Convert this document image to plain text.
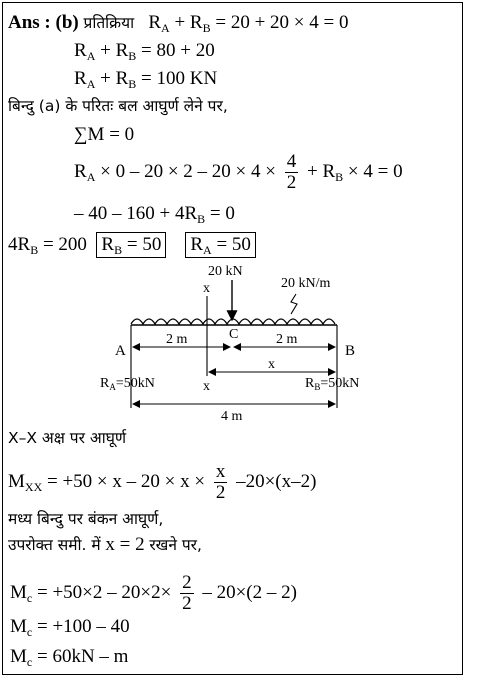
Ans : (b) प्रतिक्रिया   $R_A + R_B = 20 + 20 \times 4 = 0$
$R_A + R_B = 80 + 20$
$R_A + R_B = 100$ KN
बिन्दु (a) के परितः बल आघुर्ण लेने पर,
∑M = 0
$R_A \times 0 - 20 \times 2 - 20 \times 4 \times \frac{4}{2} + R_B \times 4 = 0$
– $40 - 160 + 4R_B = 0$
$4R_B = 200$ $R_B = 50$ $R_A = 50$
20 kN
20 kN/m
x
x
A	B
C
2 m	2 m
x
$R_A=50kN$	$R_B=50kN$
4 m
X–X अक्ष पर आघूर्ण
$M_{XX} = +50 \times x - 20 \times x \times \frac{x}{2} -20\times(x-2)$
मध्य बिन्दु पर बंकन आघूर्ण,
उपरोक्त समी. में x = 2 रखने पर,
$M_c = +50\times 2 - 20\times 2\times \frac{2}{2} - 20\times(2 - 2)$
$M_c = +100 - 40$
$M_c = 60kN - m$
